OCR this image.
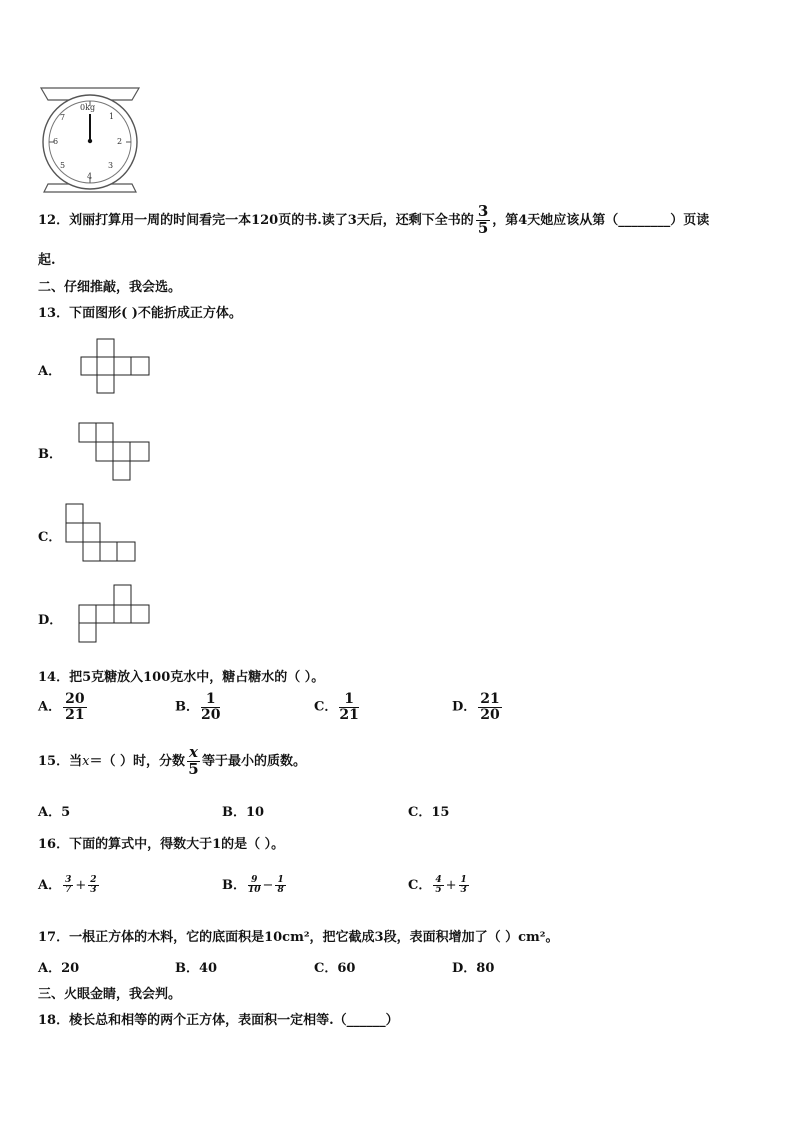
0kg
1
2
3
4
5
6
7
12．刘丽打算用一周的时间看完一本120页的书.读了3天后，还剩下全书的 $\frac{3}{5}$ ，第4天她应该从第（________）页读
起.
二、仔细推敲，我会选。
13．下面图形( )不能折成正方体。
A．
B．
C．
D．
14．把5克糖放入100克水中，糖占糖水的（ ）。
A． $\frac{20}{21}$	B． $\frac{1}{20}$	C． $\frac{1}{21}$	D． $\frac{21}{20}$
15．当x＝（ ）时，分数 $\frac{x}{5}$ 等于最小的质数。
A．5	B．10	C．15
16．下面的算式中，得数大于1的是（ ）。
A． $\frac{3}{7} + \frac{2}{3}$	B． $\frac{9}{10} - \frac{1}{8}$	C． $\frac{4}{5} + \frac{1}{3}$
17．一根正方体的木料，它的底面积是10cm²，把它截成3段，表面积增加了（ ）cm²。
A．20	B．40	C．60	D．80
三、火眼金睛，我会判。
18．棱长总和相等的两个正方体，表面积一定相等.（______）
